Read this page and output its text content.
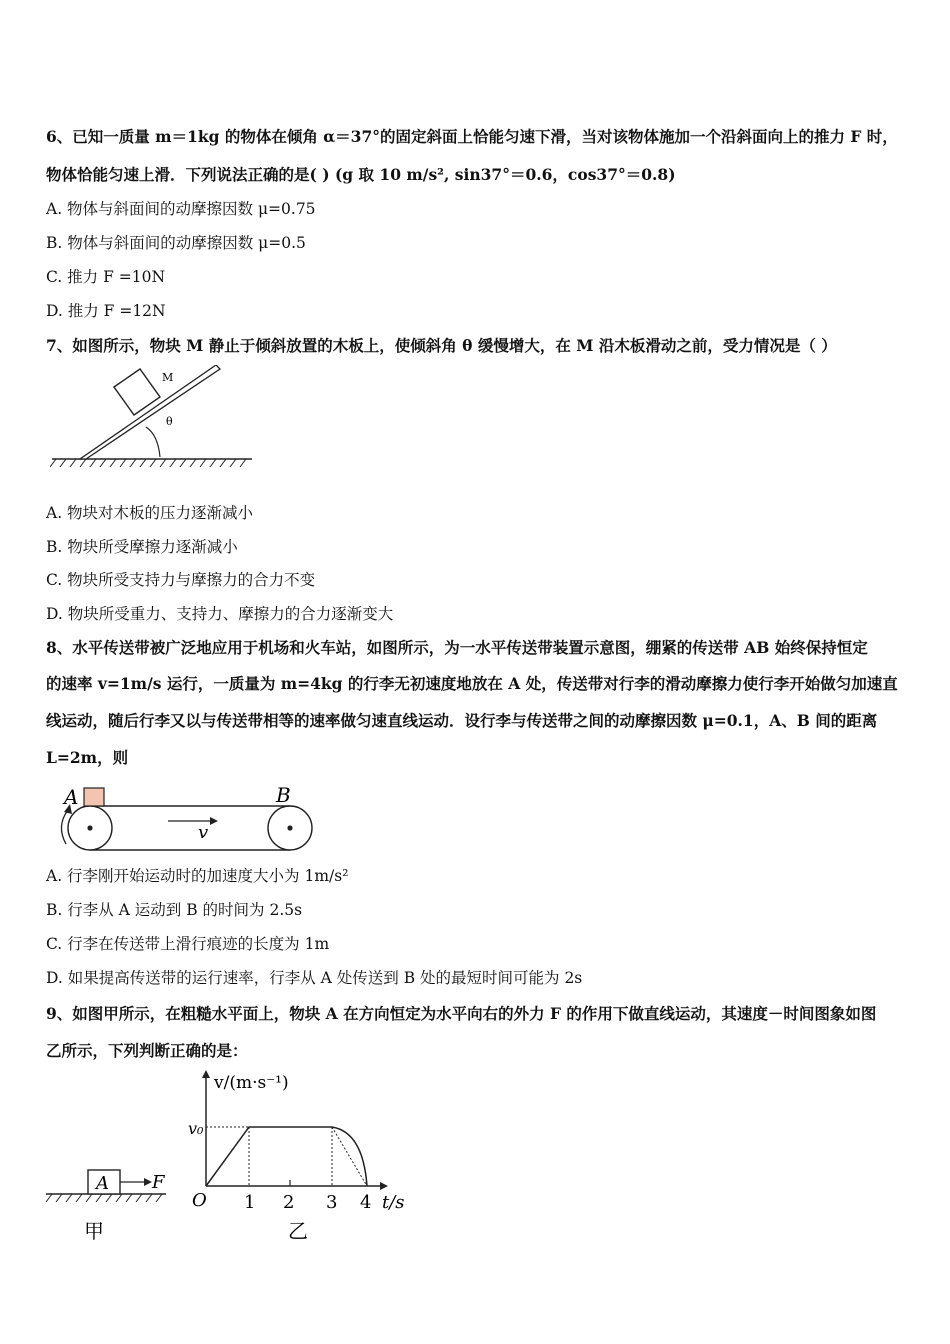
6、已知一质量 m＝1kg 的物体在倾角 α＝37°的固定斜面上恰能匀速下滑，当对该物体施加一个沿斜面向上的推力 F 时，
物体恰能匀速上滑．下列说法正确的是( ) (g 取 10 m/s², sin37°＝0.6，cos37°＝0.8)
A. 物体与斜面间的动摩擦因数 μ=0.75
B. 物体与斜面间的动摩擦因数 μ=0.5
C. 推力 F =10N
D. 推力 F =12N
7、如图所示，物块 M 静止于倾斜放置的木板上，使倾斜角 θ 缓慢增大，在 M 沿木板滑动之前，受力情况是（ ）
M
θ
A. 物块对木板的压力逐渐减小
B. 物块所受摩擦力逐渐减小
C. 物块所受支持力与摩擦力的合力不变
D. 物块所受重力、支持力、摩擦力的合力逐渐变大
8、水平传送带被广泛地应用于机场和火车站，如图所示，为一水平传送带装置示意图，绷紧的传送带 AB 始终保持恒定
的速率 v=1m/s 运行，一质量为 m=4kg 的行李无初速度地放在 A 处，传送带对行李的滑动摩擦力使行李开始做匀加速直
线运动，随后行李又以与传送带相等的速率做匀速直线运动．设行李与传送带之间的动摩擦因数 μ=0.1，A、B 间的距离
L=2m，则
A	B
v
A. 行李刚开始运动时的加速度大小为 1m/s²
B. 行李从 A 运动到 B 的时间为 2.5s
C. 行李在传送带上滑行痕迹的长度为 1m
D. 如果提高传送带的运行速率，行李从 A 处传送到 B 处的最短时间可能为 2s
9、如图甲所示，在粗糙水平面上，物块 A 在方向恒定为水平向右的外力 F 的作用下做直线运动，其速度－时间图象如图
乙所示，下列判断正确的是：
A F
甲
v/(m·s⁻¹)
v₀
O 1 2 3 4 t/s
乙
